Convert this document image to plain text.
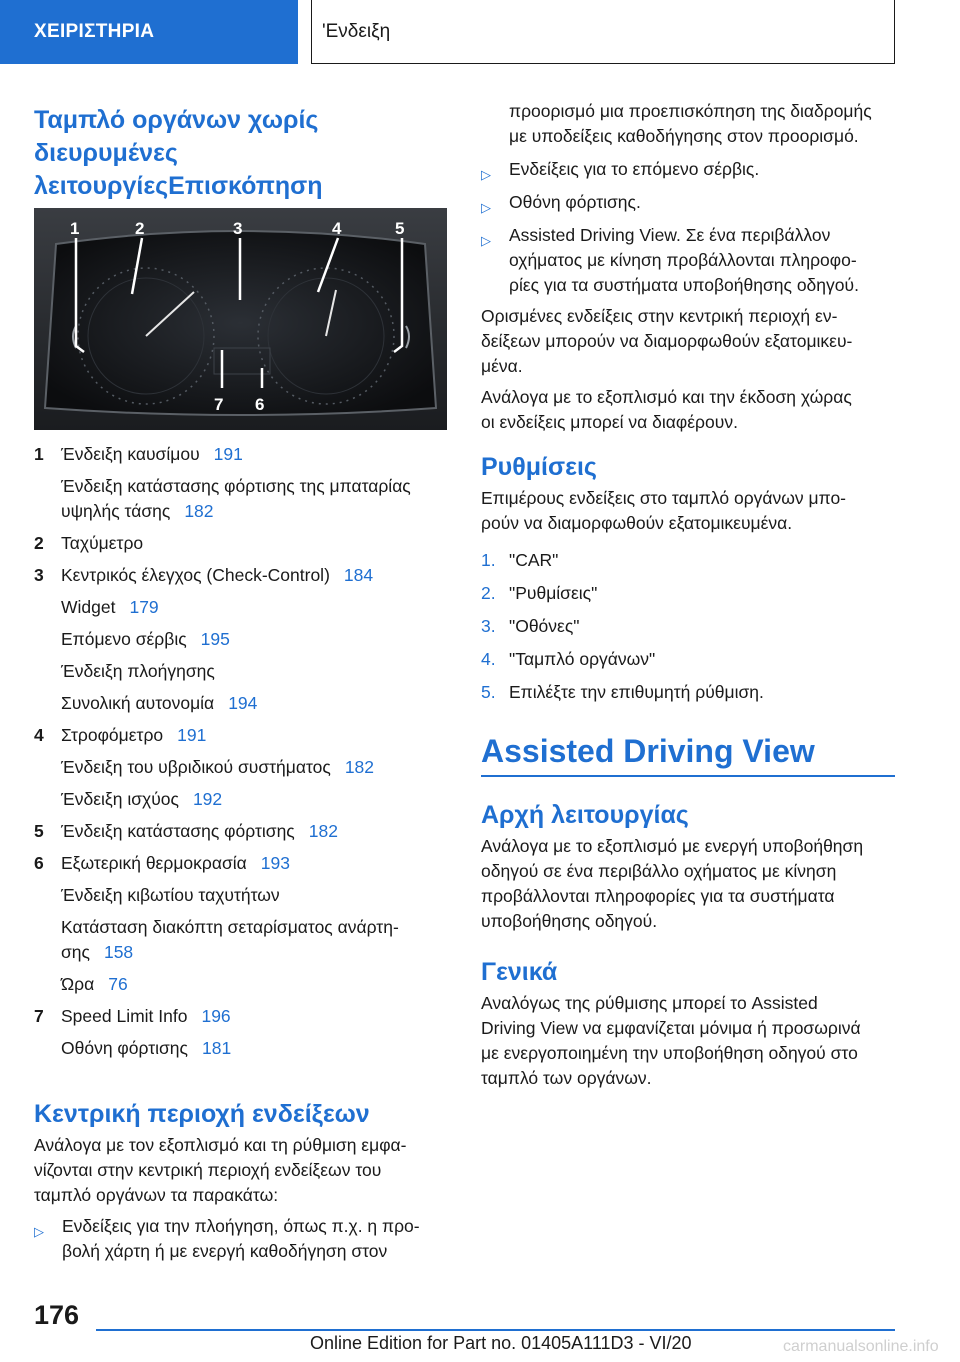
ΧΕΙΡΙΣΤΗΡΙΑ	'Ενδειξη
Ταμπλό οργάνων χωρίς
διευρυμένες
λειτουργίεςΕπισκόπηση
1	2	3	4	5
7 6
1 Ένδειξη καυσίμου 191
Ένδειξη κατάστασης φόρτισης της μπαταρίας
υψηλής τάσης 182
2 Ταχύμετρο
3 Κεντρικός έλεγχος (Check-Control) 184
Widget 179
Επόμενο σέρβις 195
Ένδειξη πλοήγησης
Συνολική αυτονομία 194
4 Στροφόμετρο 191
Ένδειξη του υβριδικού συστήματος 182
Ένδειξη ισχύος 192
5 Ένδειξη κατάστασης φόρτισης 182
6 Εξωτερική θερμοκρασία 193
Ένδειξη κιβωτίου ταχυτήτων
Κατάσταση διακόπτη σεταρίσματος ανάρτη-
σης 158
Ώρα 76
7 Speed Limit Info 196
Οθόνη φόρτισης 181
Κεντρική περιοχή ενδείξεων

Ανάλογα με τον εξοπλισμό και τη ρύθμιση εμφα-

νίζονται στην κεντρική περιοχή ενδείξεων του

ταμπλό οργάνων τα παρακάτω:

▷ Ενδείξεις για την πλοήγηση, όπως π.χ. η προ-
βολή χάρτη ή με ενεργή καθοδήγηση στον
προορισμό μια προεπισκόπηση της διαδρομής
με υποδείξεις καθοδήγησης στον προορισμό.
▷ Ενδείξεις για το επόμενο σέρβις.
▷ Οθόνη φόρτισης.
▷ Assisted Driving View. Σε ένα περιβάλλον
οχήματος με κίνηση προβάλλονται πληροφο-
ρίες για τα συστήματα υποβοήθησης οδηγού.

Ορισμένες ενδείξεις στην κεντρική περιοχή εν-

δείξεων μπορούν να διαμορφωθούν εξατομικευ-

μένα.

Ανάλογα με το εξοπλισμό και την έκδοση χώρας

οι ενδείξεις μπορεί να διαφέρουν.

Ρυθμίσεις

Επιμέρους ενδείξεις στο ταμπλό οργάνων μπο-

ρούν να διαμορφωθούν εξατομικευμένα.

1. "CAR"
2. "Ρυθμίσεις"
3. "Οθόνες"
4. "Ταμπλό οργάνων"
5. Επιλέξτε την επιθυμητή ρύθμιση.
Assisted Driving View
Αρχή λειτουργίας

Ανάλογα με το εξοπλισμό με ενεργή υποβοήθηση

οδηγού σε ένα περιβάλλο οχήματος με κίνηση

προβάλλονται πληροφορίες για τα συστήματα

υποβοήθησης οδηγού.

Γενικά

Αναλόγως της ρύθμισης μπορεί το Assisted

Driving View να εμφανίζεται μόνιμα ή προσωρινά

με ενεργοποιημένη την υποβοήθηση οδηγού στο

ταμπλό των οργάνων.

176
Online Edition for Part no. 01405A111D3 - VI/20	carmanualsonline.info
